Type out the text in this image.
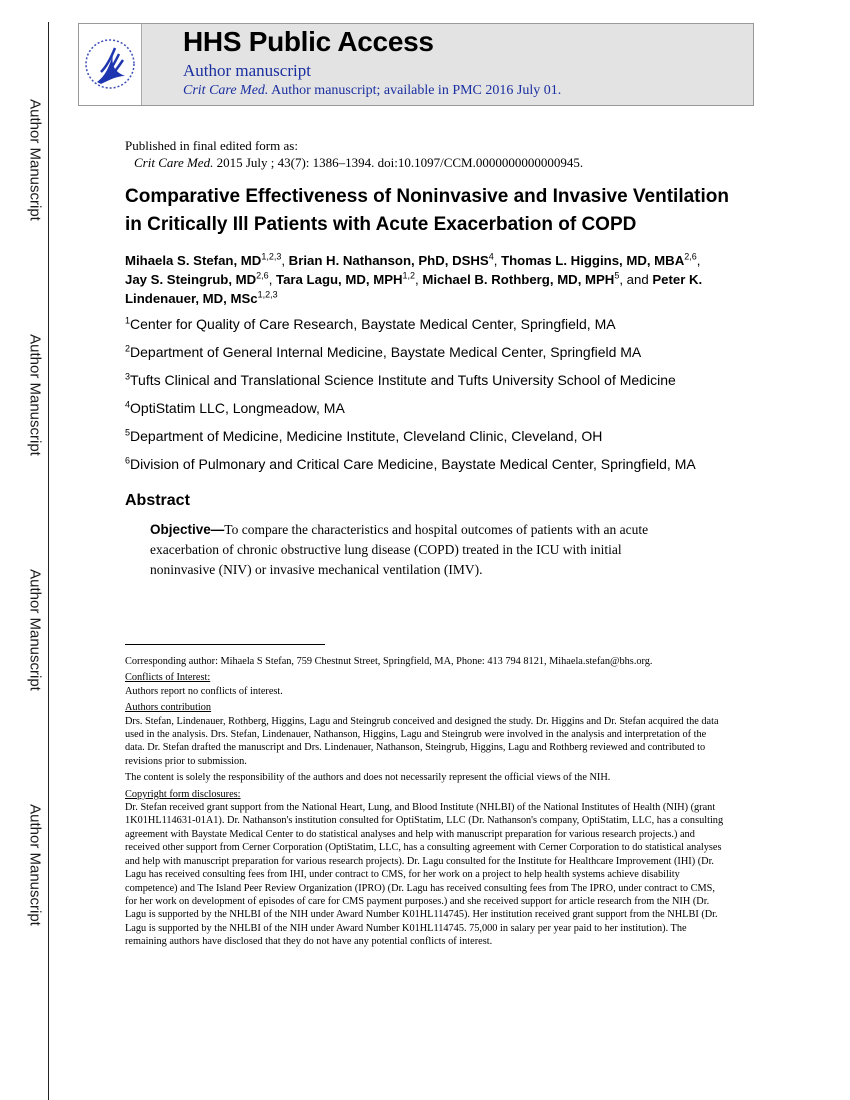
Author Manuscript
Author Manuscript
Author Manuscript
Author Manuscript
HHS Public Access
Author manuscript
Crit Care Med. Author manuscript; available in PMC 2016 July 01.
Published in final edited form as:
Crit Care Med. 2015 July ; 43(7): 1386–1394. doi:10.1097/CCM.0000000000000945.
Comparative Effectiveness of Noninvasive and Invasive Ventilation in Critically Ill Patients with Acute Exacerbation of COPD
Mihaela S. Stefan, MD$^{1,2,3}$, Brian H. Nathanson, PhD, DSHS$^4$, Thomas L. Higgins, MD, MBA$^{2,6}$, Jay S. Steingrub, MD$^{2,6}$, Tara Lagu, MD, MPH$^{1,2}$, Michael B. Rothberg, MD, MPH$^5$, and Peter K. Lindenauer, MD, MSc$^{1,2,3}$
$^1$Center for Quality of Care Research, Baystate Medical Center, Springfield, MA
$^2$Department of General Internal Medicine, Baystate Medical Center, Springfield MA
$^3$Tufts Clinical and Translational Science Institute and Tufts University School of Medicine
$^4$OptiStatim LLC, Longmeadow, MA
$^5$Department of Medicine, Medicine Institute, Cleveland Clinic, Cleveland, OH
$^6$Division of Pulmonary and Critical Care Medicine, Baystate Medical Center, Springfield, MA
Abstract
Objective—To compare the characteristics and hospital outcomes of patients with an acute exacerbation of chronic obstructive lung disease (COPD) treated in the ICU with initial noninvasive (NIV) or invasive mechanical ventilation (IMV).

Corresponding author: Mihaela S Stefan, 759 Chestnut Street, Springfield, MA, Phone: 413 794 8121, Mihaela.stefan@bhs.org.

Conflicts of Interest:

Authors report no conflicts of interest.

Authors contribution

Drs. Stefan, Lindenauer, Rothberg, Higgins, Lagu and Steingrub conceived and designed the study. Dr. Higgins and Dr. Stefan acquired the data used in the analysis. Drs. Stefan, Lindenauer, Nathanson, Higgins, Lagu and Steingrub were involved in the analysis and interpretation of the data. Dr. Stefan drafted the manuscript and Drs. Lindenauer, Nathanson, Steingrub, Higgins, Lagu and Rothberg reviewed and contributed to revisions prior to submission.

The content is solely the responsibility of the authors and does not necessarily represent the official views of the NIH.

Copyright form disclosures:

Dr. Stefan received grant support from the National Heart, Lung, and Blood Institute (NHLBI) of the National Institutes of Health (NIH) (grant 1K01HL114631-01A1). Dr. Nathanson's institution consulted for OptiStatim, LLC (Dr. Nathanson's company, OptiStatim, LLC, has a consulting agreement with Baystate Medical Center to do statistical analyses and help with manuscript preparation for various research projects.) and received other support from Cerner Corporation (OptiStatim, LLC, has a consulting agreement with Cerner Corporation to do statistical analyses and help with manuscript preparation for various research projects). Dr. Lagu consulted for the Institute for Healthcare Improvement (IHI) (Dr. Lagu has received consulting fees from IHI, under contract to CMS, for her work on a project to help health systems achieve disability competence) and The Island Peer Review Organization (IPRO) (Dr. Lagu has received consulting fees from The IPRO, under contract to CMS, for her work on development of episodes of care for CMS payment purposes.) and she received support for article research from the NIH (Dr. Lagu is supported by the NHLBI of the NIH under Award Number K01HL114745). Her institution received grant support from the NHLBI (Dr. Lagu is supported by the NHLBI of the NIH under Award Number K01HL114745. 75,000 in salary per year paid to her institution). The remaining authors have disclosed that they do not have any potential conflicts of interest.
